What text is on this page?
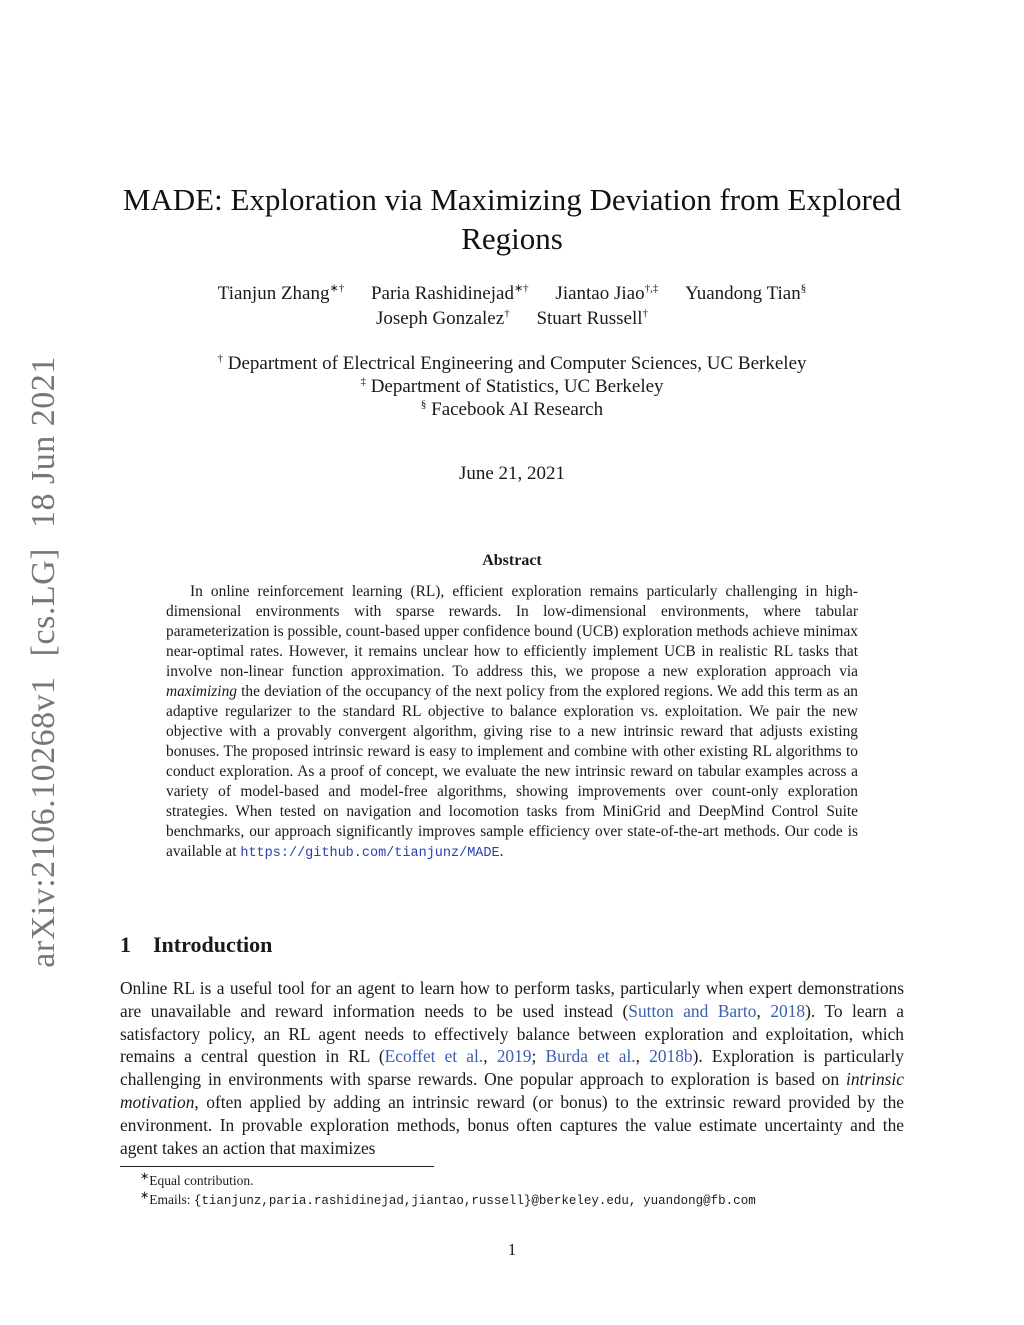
arXiv:2106.10268v1
[cs.LG]
18 Jun 2021
MADE: Exploration via Maximizing Deviation from Explored Regions
Tianjun Zhang∗† Paria Rashidinejad∗† Jiantao Jiao†,‡ Yuandong Tian§
Joseph Gonzalez† Stuart Russell†
† Department of Electrical Engineering and Computer Sciences, UC Berkeley
‡ Department of Statistics, UC Berkeley
§ Facebook AI Research
June 21, 2021
Abstract

In online reinforcement learning (RL), efficient exploration remains particularly challenging in high-dimensional environments with sparse rewards. In low-dimensional environments, where tabular parameterization is possible, count-based upper confidence bound (UCB) exploration methods achieve minimax near-optimal rates. However, it remains unclear how to efficiently implement UCB in realistic RL tasks that involve non-linear function approximation. To address this, we propose a new exploration approach via maximizing the deviation of the occupancy of the next policy from the explored regions. We add this term as an adaptive regularizer to the standard RL objective to balance exploration vs. exploitation. We pair the new objective with a provably convergent algorithm, giving rise to a new intrinsic reward that adjusts existing bonuses. The proposed intrinsic reward is easy to implement and combine with other existing RL algorithms to conduct exploration. As a proof of concept, we evaluate the new intrinsic reward on tabular examples across a variety of model-based and model-free algorithms, showing improvements over count-only exploration strategies. When tested on navigation and locomotion tasks from MiniGrid and DeepMind Control Suite benchmarks, our approach significantly improves sample efficiency over state-of-the-art methods. Our code is available at https://github.com/tianjunz/MADE.

1 Introduction

Online RL is a useful tool for an agent to learn how to perform tasks, particularly when expert demonstrations are unavailable and reward information needs to be used instead (Sutton and Barto, 2018). To learn a satisfactory policy, an RL agent needs to effectively balance between exploration and exploitation, which remains a central question in RL (Ecoffet et al., 2019; Burda et al., 2018b). Exploration is particularly challenging in environments with sparse rewards. One popular approach to exploration is based on intrinsic motivation, often applied by adding an intrinsic reward (or bonus) to the extrinsic reward provided by the environment. In provable exploration methods, bonus often captures the value estimate uncertainty and the agent takes an action that maximizes

∗Equal contribution.
∗Emails: {tianjunz,paria.rashidinejad,jiantao,russell}@berkeley.edu, yuandong@fb.com
1
